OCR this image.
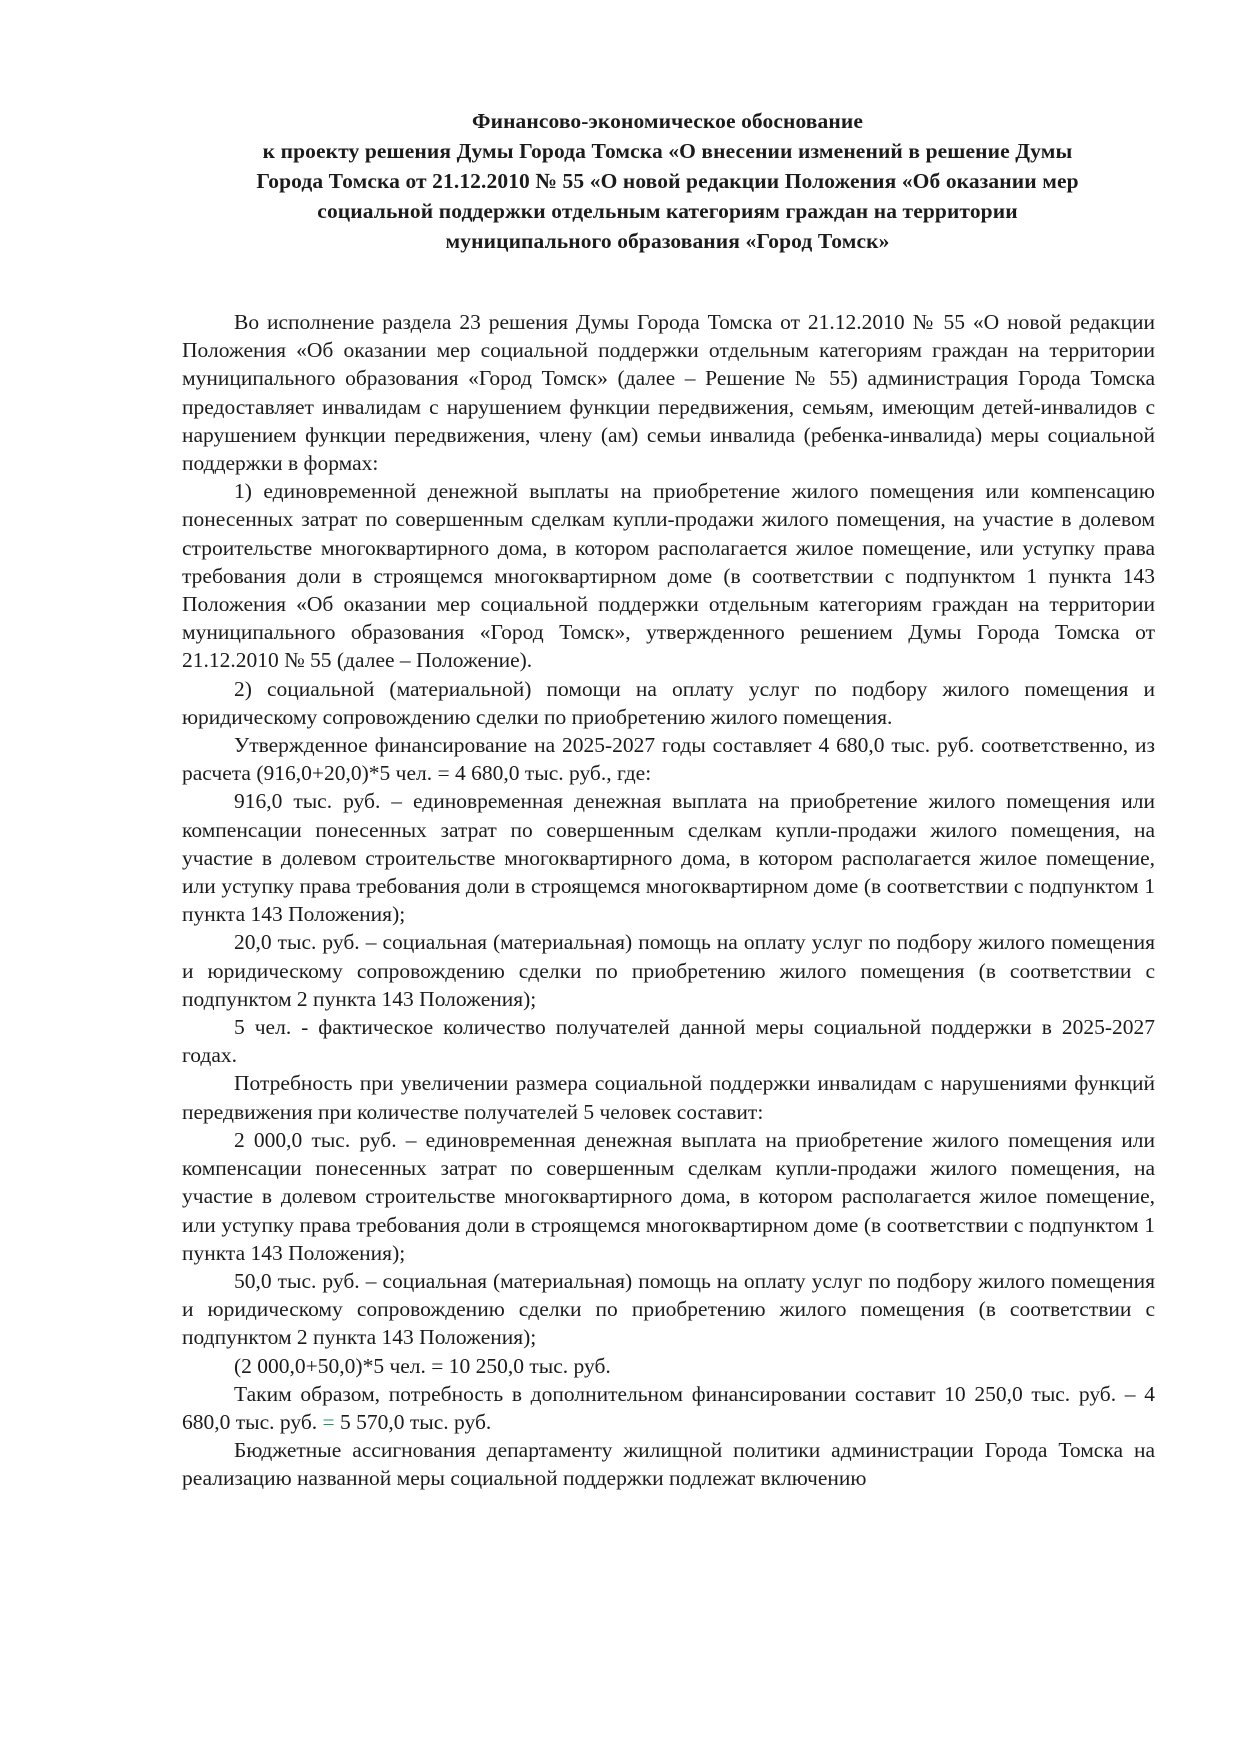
Финансово-экономическое обоснование
к проекту решения Думы Города Томска «О внесении изменений в решение Думы
Города Томска от 21.12.2010 № 55 «О новой редакции Положения «Об оказании мер
социальной поддержки отдельным категориям граждан на территории
муниципального образования «Город Томск»

Во исполнение раздела 23 решения Думы Города Томска от 21.12.2010 № 55 «О новой редакции Положения «Об оказании мер социальной поддержки отдельным категориям граждан на территории муниципального образования «Город Томск» (далее – Решение № 55) администрация Города Томска предоставляет инвалидам с нарушением функции передвижения, семьям, имеющим детей-инвалидов с нарушением функции передвижения, члену (ам) семьи инвалида (ребенка-инвалида) меры социальной поддержки в формах:

1) единовременной денежной выплаты на приобретение жилого помещения или компенсацию понесенных затрат по совершенным сделкам купли-продажи жилого помещения, на участие в долевом строительстве многоквартирного дома, в котором располагается жилое помещение, или уступку права требования доли в строящемся многоквартирном доме (в соответствии с подпунктом 1 пункта 143 Положения «Об оказании мер социальной поддержки отдельным категориям граждан на территории муниципального образования «Город Томск», утвержденного решением Думы Города Томска от 21.12.2010 № 55 (далее – Положение).

2) социальной (материальной) помощи на оплату услуг по подбору жилого помещения и юридическому сопровождению сделки по приобретению жилого помещения.

Утвержденное финансирование на 2025-2027 годы составляет 4 680,0 тыс. руб. соответственно, из расчета (916,0+20,0)*5 чел. = 4 680,0 тыс. руб., где:

916,0 тыс. руб. – единовременная денежная выплата на приобретение жилого помещения или компенсации понесенных затрат по совершенным сделкам купли-продажи жилого помещения, на участие в долевом строительстве многоквартирного дома, в котором располагается жилое помещение, или уступку права требования доли в строящемся многоквартирном доме (в соответствии с подпунктом 1 пункта 143 Положения);

20,0 тыс. руб. – социальная (материальная) помощь на оплату услуг по подбору жилого помещения и юридическому сопровождению сделки по приобретению жилого помещения (в соответствии с подпунктом 2 пункта 143 Положения);

5 чел. - фактическое количество получателей данной меры социальной поддержки в 2025-2027 годах.

Потребность при увеличении размера социальной поддержки инвалидам с нарушениями функций передвижения при количестве получателей 5 человек составит:

2 000,0 тыс. руб. – единовременная денежная выплата на приобретение жилого помещения или компенсации понесенных затрат по совершенным сделкам купли-продажи жилого помещения, на участие в долевом строительстве многоквартирного дома, в котором располагается жилое помещение, или уступку права требования доли в строящемся многоквартирном доме (в соответствии с подпунктом 1 пункта 143 Положения);

50,0 тыс. руб. – социальная (материальная) помощь на оплату услуг по подбору жилого помещения и юридическому сопровождению сделки по приобретению жилого помещения (в соответствии с подпунктом 2 пункта 143 Положения);

(2 000,0+50,0)*5 чел. = 10 250,0 тыс. руб.

Таким образом, потребность в дополнительном финансировании составит 10 250,0 тыс. руб. – 4 680,0 тыс. руб. = 5 570,0 тыс. руб.

Бюджетные ассигнования департаменту жилищной политики администрации Города Томска на реализацию названной меры социальной поддержки подлежат включению
